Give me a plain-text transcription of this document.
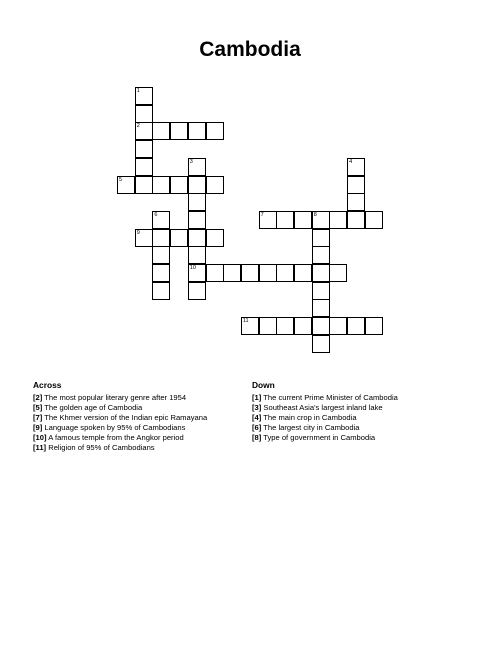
Cambodia
1
2
3
10
4
5
6	7	8
9
11
Across
[2] The most popular literary genre after 1954
[5] The golden age of Cambodia
[7] The Khmer version of the Indian epic Ramayana
[9] Language spoken by 95% of Cambodians
[10] A famous temple from the Angkor period
[11] Religion of 95% of Cambodians
Down
[1] The current Prime Minister of Cambodia
[3] Southeast Asia's largest inland lake
[4] The main crop in Cambodia
[6] The largest city in Cambodia
[8] Type of government in Cambodia
